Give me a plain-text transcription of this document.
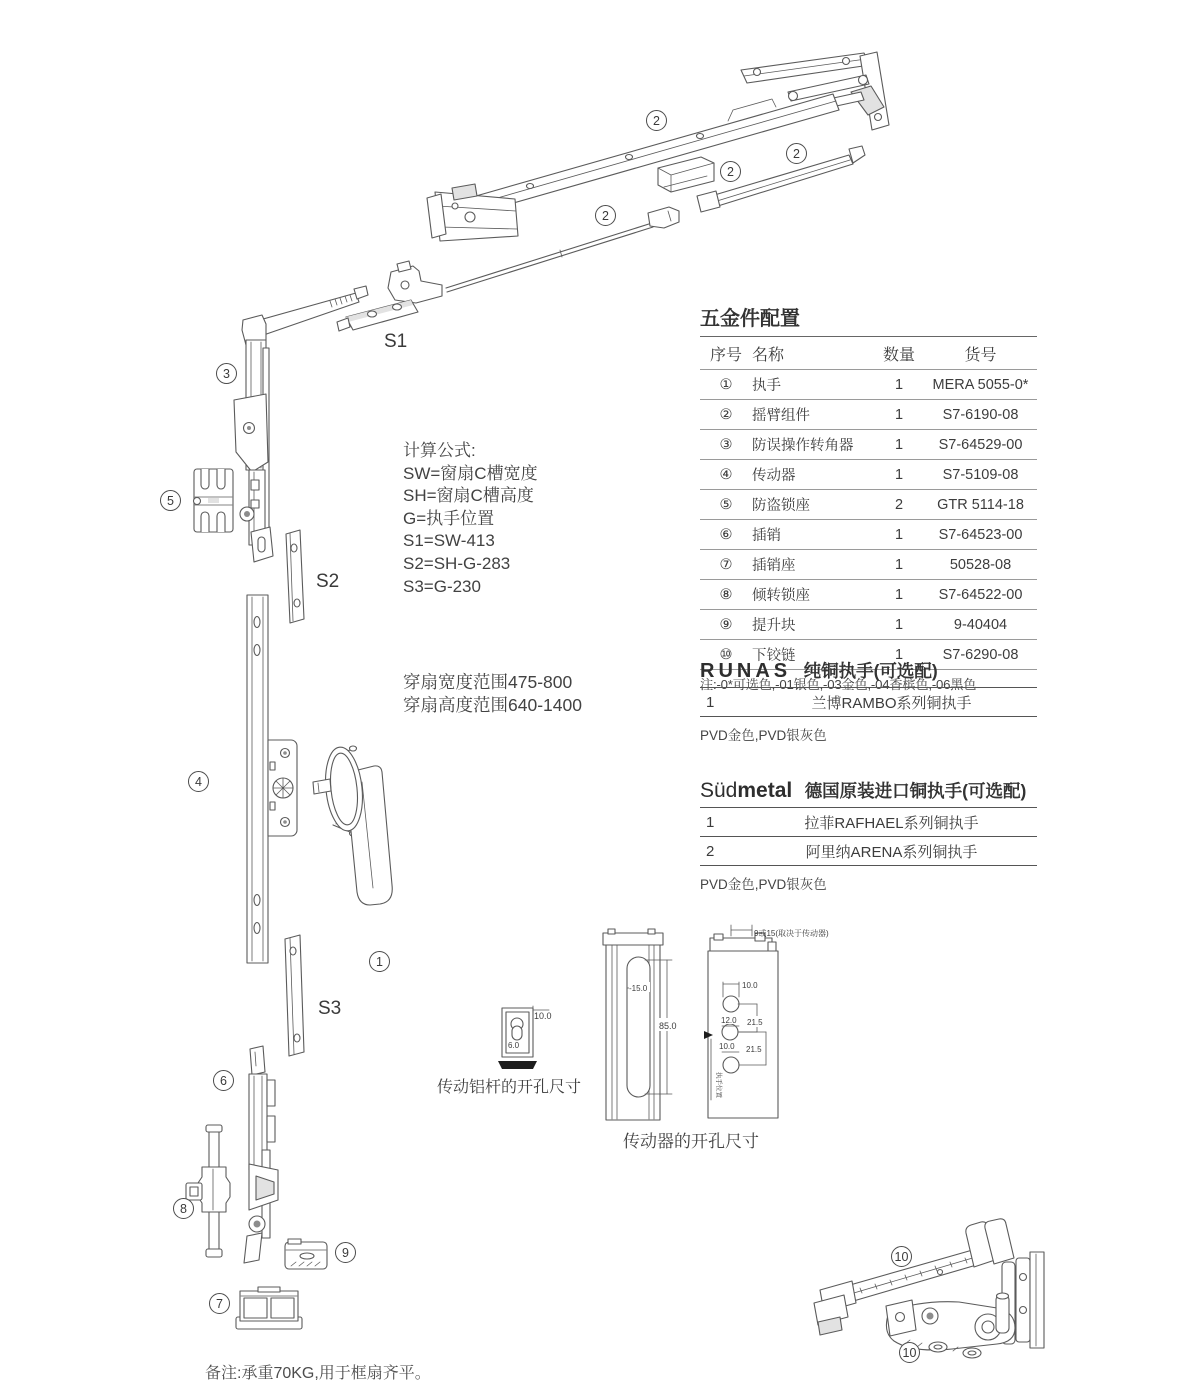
10.0
6.0
-15.0
85.0
9或15(取决于传动器)
10.0
12.0 21.5
10.0 21.5
执手位置
2
2
2
2
3
5
4
1
6
8
9
7
10
10
S1
S2
S3
计算公式:
SW=窗扇C槽宽度
SH=窗扇C槽高度
G=执手位置
S1=SW-413
S2=SH-G-283
S3=G-230
穿扇宽度范围475-800
穿扇高度范围640-1400
五金件配置
序号	名称	数量	货号
①	执手	1	MERA 5055-0*
②	摇臂组件	1	S7-6190-08
③	防误操作转角器	1	S7-64529-00
④	传动器	1	S7-5109-08
⑤	防盗锁座	2	GTR 5114-18
⑥	插销	1	S7-64523-00
⑦	插销座	1	50528-08
⑧	倾转锁座	1	S7-64522-00
⑨	提升块	1	9-40404
⑩	下铰链	1	S7-6290-08
注:-0*可选色,-01银色,-03金色,-04香槟色,-06黑色
RUNAS 纯铜执手(可选配)
1	兰博RAMBO系列铜执手
PVD金色,PVD银灰色
Südmetal 德国原装进口铜执手(可选配)
1	拉菲RAFHAEL系列铜执手
2	阿里纳ARENA系列铜执手
PVD金色,PVD银灰色
传动铝杆的开孔尺寸
传动器的开孔尺寸
备注:承重70KG,用于框扇齐平。
